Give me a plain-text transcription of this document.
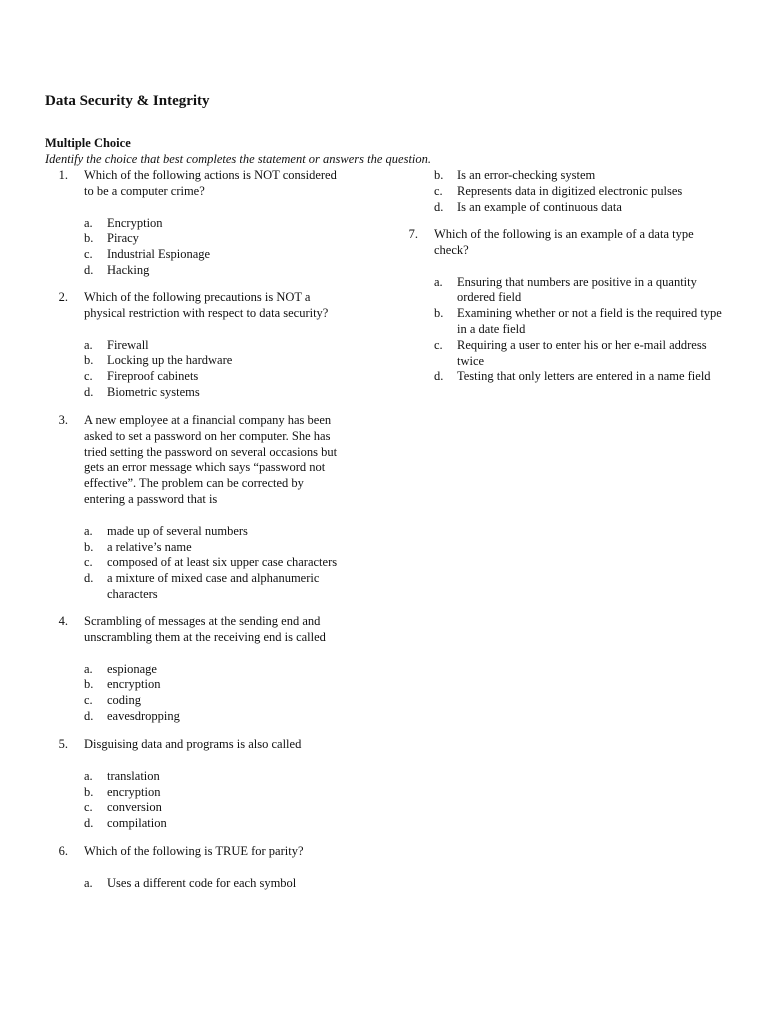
Data Security & Integrity
Multiple Choice
Identify the choice that best completes the statement or answers the question.
1. Which of the following actions is NOT considered to be a computer crime?
a.	Encryption
b.	Piracy
c.	Industrial Espionage
d.	Hacking
2. Which of the following precautions is NOT a physical restriction with respect to data security?
a.	Firewall
b.	Locking up the hardware
c.	Fireproof cabinets
d.	Biometric systems
3. A new employee at a financial company has been asked to set a password on her computer. She has tried setting the password on several occasions but gets an error message which says “password not effective”. The problem can be corrected by entering a password that is
a.	made up of several numbers
b.	a relative’s name
c.	composed of at least six upper case characters
d.	a mixture of mixed case and alphanumeric characters
4. Scrambling of messages at the sending end and unscrambling them at the receiving end is called
a.	espionage
b.	encryption
c.	coding
d.	eavesdropping
5. Disguising data and programs is also called
a.	translation
b.	encryption
c.	conversion
d.	compilation
6. Which of the following is TRUE for parity?
a.	Uses a different code for each symbol
b.	Is an error-checking system
c.	Represents data in digitized electronic pulses
d.	Is an example of continuous data
7. Which of the following is an example of a data type check?
a.	Ensuring that numbers are positive in a quantity ordered field
b.	Examining whether or not a field is the required type in a date field
c.	Requiring a user to enter his or her e-mail address twice
d.	Testing that only letters are entered in a name field
